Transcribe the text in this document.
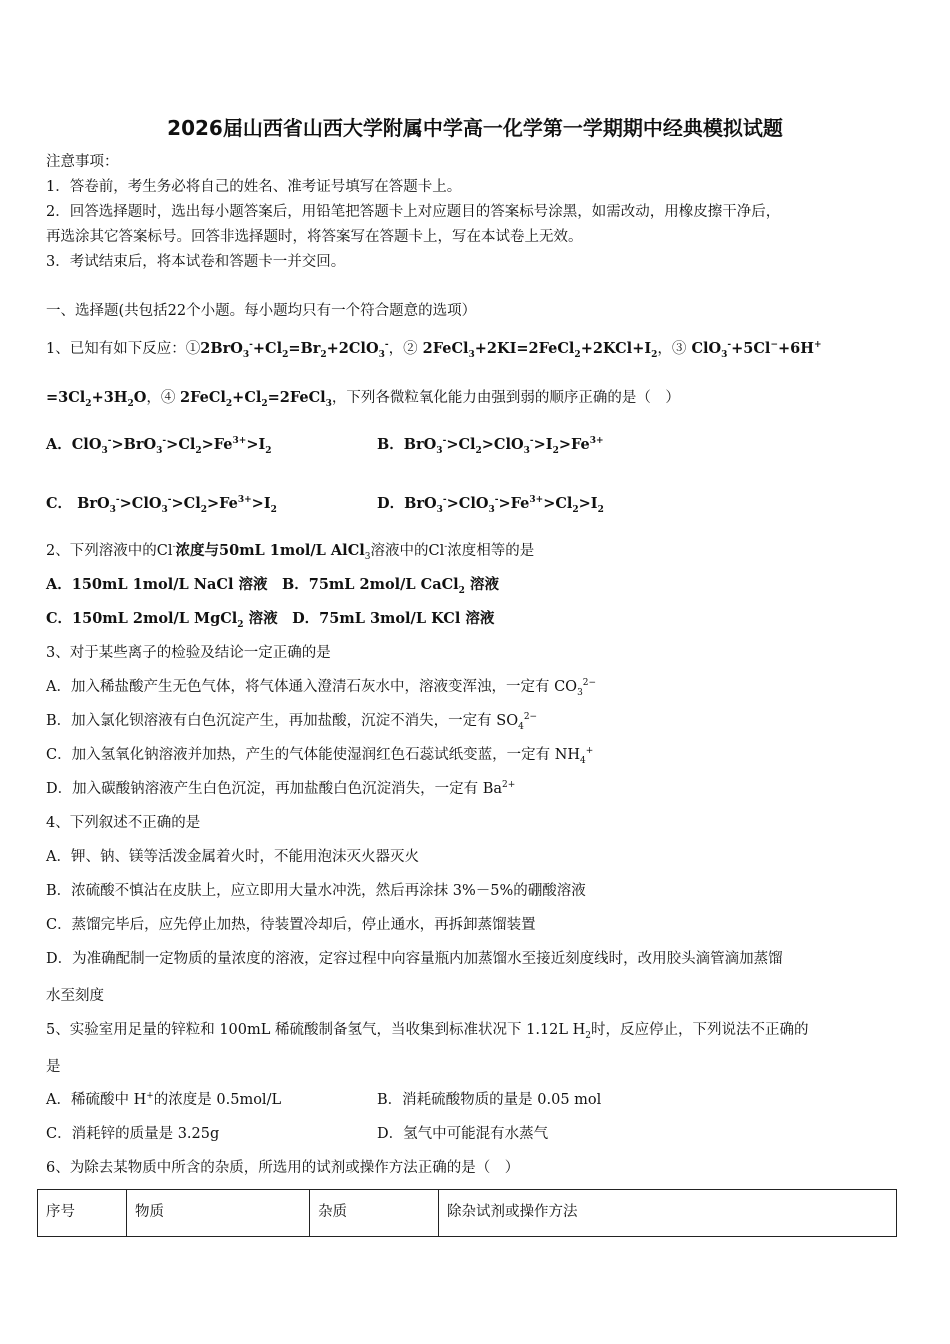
2026届山西省山西大学附属中学高一化学第一学期期中经典模拟试题
注意事项：
1．答卷前，考生务必将自己的姓名、准考证号填写在答题卡上。
2．回答选择题时，选出每小题答案后，用铅笔把答题卡上对应题目的答案标号涂黑，如需改动，用橡皮擦干净后，
再选涂其它答案标号。回答非选择题时，将答案写在答题卡上，写在本试卷上无效。
3．考试结束后，将本试卷和答题卡一并交回。
一、选择题(共包括22个小题。每小题均只有一个符合题意的选项）
1、已知有如下反应：$①2BrO_3^-+Cl_2=Br_2+2ClO_3^-$，② $2FeCl_3+2KI=2FeCl_2+2KCl+I_2$，③ ClO$_3$-+5Cl−+6H+
$=3Cl_2+3H_2O$，④ $2FeCl_2+Cl_2=2FeCl_3$，下列各微粒氧化能力由强到弱的顺序正确的是（　）
A．$ClO_3^->BrO_3^->Cl_2>Fe^{3+}>I_2$	B．$BrO_3^->Cl_2>ClO_3^->I_2>Fe^{3+}$
C． $BrO_3^->ClO_3^->Cl_2>Fe^{3+}>I_2$	D．$BrO_3^->ClO_3^->Fe^{3+}>Cl_2>I_2$
2、下列溶液中的Cl-浓度与50mL 1mol/L AlCl$_3$溶液中的Cl-浓度相等的是
A．150mL 1mol/L NaCl 溶液　B．75mL 2mol/L CaCl$_2$ 溶液
C．150mL 2mol/L MgCl$_2$ 溶液　D．75mL 3mol/L KCl 溶液
3、对于某些离子的检验及结论一定正确的是
A．加入稀盐酸产生无色气体，将气体通入澄清石灰水中，溶液变浑浊，一定有 $CO_3^{2-}$
B．加入氯化钡溶液有白色沉淀产生，再加盐酸，沉淀不消失，一定有 $SO_4^{2-}$
C．加入氢氧化钠溶液并加热，产生的气体能使湿润红色石蕊试纸变蓝，一定有 $NH_4^+$
D．加入碳酸钠溶液产生白色沉淀，再加盐酸白色沉淀消失，一定有 $Ba^{2+}$
4、下列叙述不正确的是
A．钾、钠、镁等活泼金属着火时，不能用泡沫灭火器灭火
B．浓硫酸不慎沾在皮肤上，应立即用大量水冲洗，然后再涂抹 3%－5%的硼酸溶液
C．蒸馏完毕后，应先停止加热，待装置冷却后，停止通水，再拆卸蒸馏装置
D．为准确配制一定物质的量浓度的溶液，定容过程中向容量瓶内加蒸馏水至接近刻度线时，改用胶头滴管滴加蒸馏
水至刻度
5、实验室用足量的锌粒和 100mL 稀硫酸制备氢气，当收集到标准状况下 1.12L $H_2$时，反应停止，下列说法不正确的
是
A．稀硫酸中 H+的浓度是 0.5mol/L	B．消耗硫酸物质的量是 0.05 mol
C．消耗锌的质量是 3.25g	D．氢气中可能混有水蒸气
6、为除去某物质中所含的杂质，所选用的试剂或操作方法正确的是（　）
序号	物质	杂质	除杂试剂或操作方法
